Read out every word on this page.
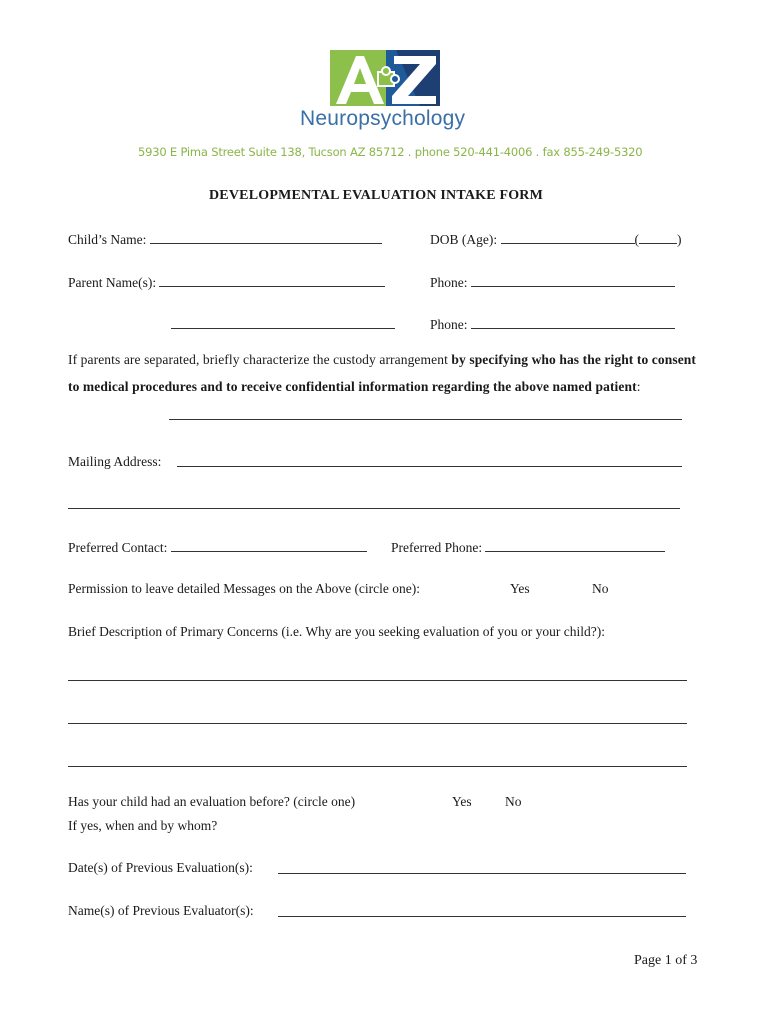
Neuropsychology
5930 E Pima Street Suite 138, Tucson AZ 85712 . phone 520-441-4006 . fax 855-249-5320
DEVELOPMENTAL EVALUATION INTAKE FORM
Child’s Name:	DOB (Age):	(	)
Parent Name(s):	Phone:
Phone:
If parents are separated, briefly characterize the custody arrangement by specifying who has the right to consent to medical procedures and to receive confidential information regarding the above named patient:
Mailing Address:
Preferred Contact:	Preferred Phone:
Permission to leave detailed Messages on the Above (circle one):	Yes	No
Brief Description of Primary Concerns (i.e. Why are you seeking evaluation of you or your child?):
Has your child had an evaluation before? (circle one)	Yes No
If yes, when and by whom?
Date(s) of Previous Evaluation(s):
Name(s) of Previous Evaluator(s):
Page 1 of 3
